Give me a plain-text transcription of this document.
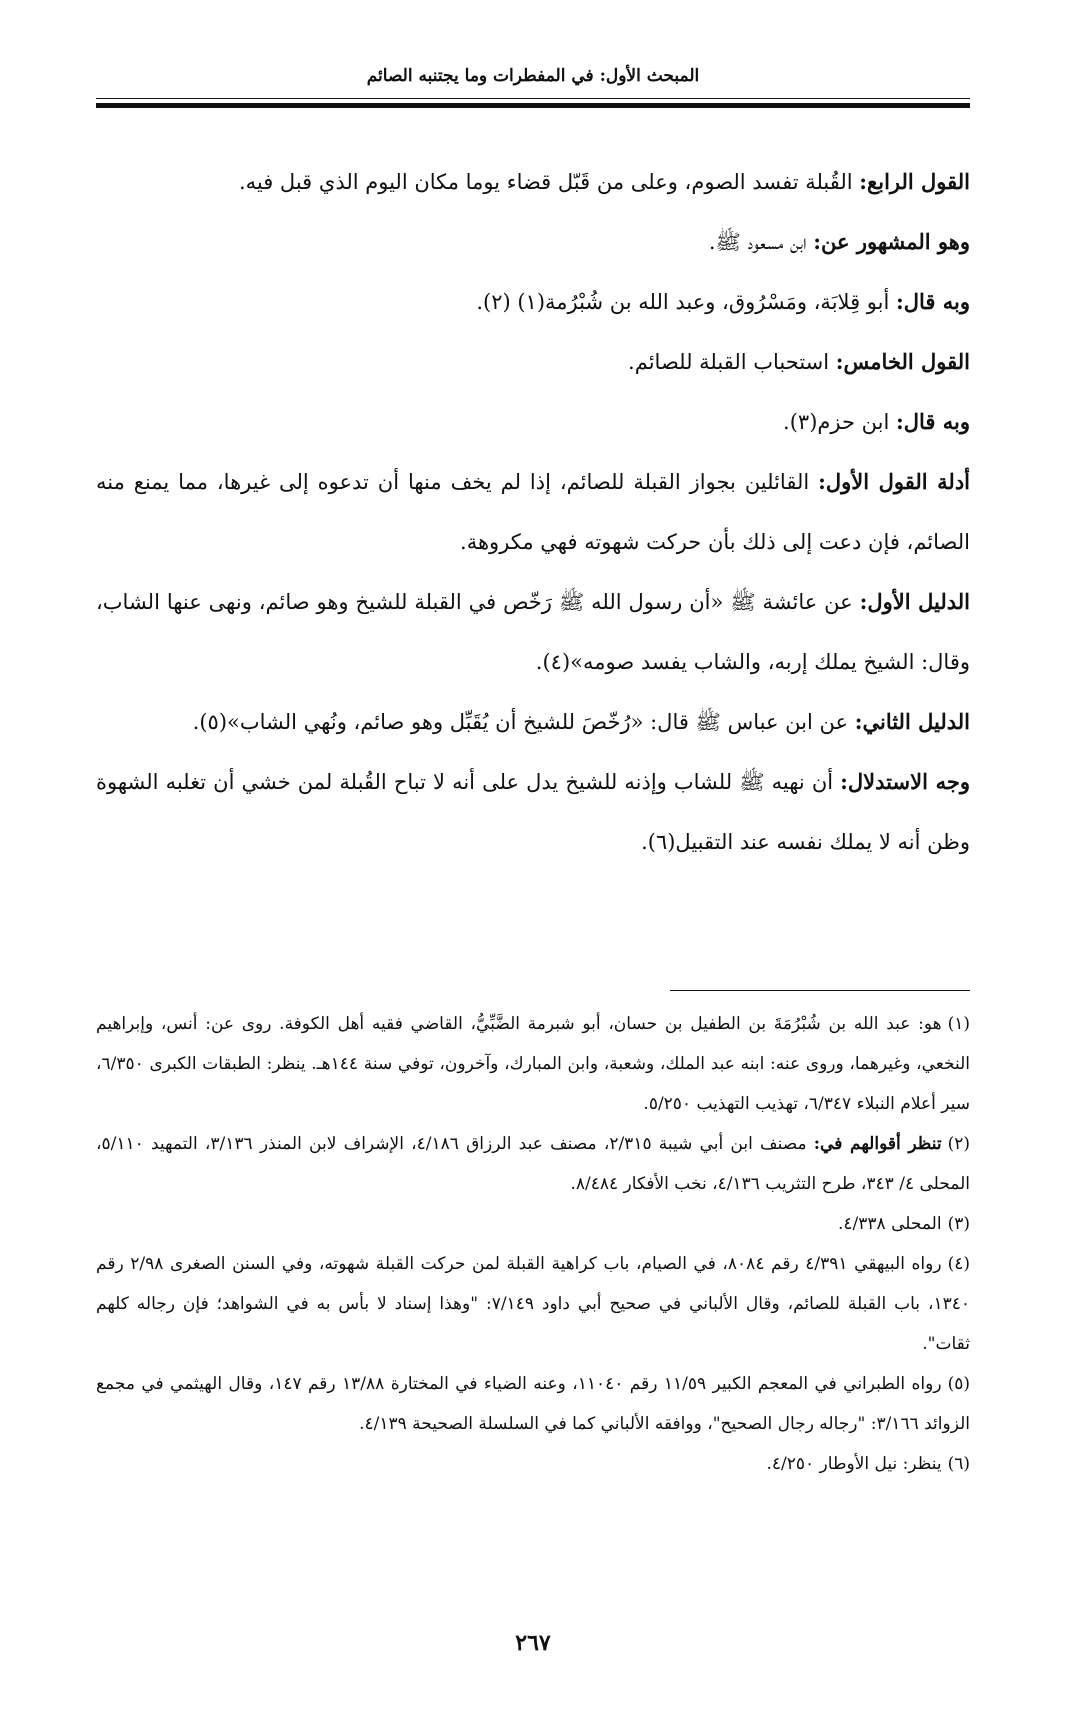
المبحث الأول: في المفطرات وما يجتنبه الصائم

القول الرابع: القُبلة تفسد الصوم، وعلى من قَبّل قضاء يوما مكان اليوم الذي قبل فيه.

وهو المشهور عن: ابن مسعود ﷺ.

وبه قال: أبو قِلابَة، ومَسْرُوق، وعبد الله بن شُبْرُمة(١) (٢).

القول الخامس: استحباب القبلة للصائم.

وبه قال: ابن حزم(٣).

أدلة القول الأول: القائلين بجواز القبلة للصائم، إذا لم يخف منها أن تدعوه إلى غيرها، مما يمنع منه الصائم، فإن دعت إلى ذلك بأن حركت شهوته فهي مكروهة.

الدليل الأول: عن عائشة ﷺ «أن رسول الله ﷺ رَخّص في القبلة للشيخ وهو صائم، ونهى عنها الشاب، وقال: الشيخ يملك إربه، والشاب يفسد صومه»(٤).

الدليل الثاني: عن ابن عباس ﷺ قال: «رُخّصَ للشيخ أن يُقَبِّل وهو صائم، ونُهي الشاب»(٥).

وجه الاستدلال: أن نهيه ﷺ للشاب وإذنه للشيخ يدل على أنه لا تباح القُبلة لمن خشي أن تغلبه الشهوة وظن أنه لا يملك نفسه عند التقبيل(٦).

(١)هو: عبد الله بن شُبْرُمَةَ بن الطفيل بن حسان، أبو شبرمة الضَّبِّيُّ، القاضي فقيه أهل الكوفة. روى عن: أنس، وإبراهيم النخعي، وغيرهما، وروى عنه: ابنه عبد الملك، وشعبة، وابن المبارك، وآخرون، توفي سنة ١٤٤هـ. ينظر: الطبقات الكبرى ٦/٣٥٠، سير أعلام النبلاء ٦/٣٤٧، تهذيب التهذيب ٥/٢٥٠.

(٢)تنظر أقوالهم في: مصنف ابن أبي شيبة ٢/٣١٥، مصنف عبد الرزاق ٤/١٨٦، الإشراف لابن المنذر ٣/١٣٦، التمهيد ٥/١١٠، المحلى ٤/ ٣٤٣، طرح التثريب ٤/١٣٦، نخب الأفكار ٨/٤٨٤.

(٣)المحلى ٤/٣٣٨.

(٤)رواه البيهقي ٤/٣٩١ رقم ٨٠٨٤، في الصيام، باب كراهية القبلة لمن حركت القبلة شهوته، وفي السنن الصغرى ٢/٩٨ رقم ١٣٤٠، باب القبلة للصائم، وقال الألباني في صحيح أبي داود ٧/١٤٩: "وهذا إسناد لا بأس به في الشواهد؛ فإن رجاله كلهم ثقات".

(٥)رواه الطبراني في المعجم الكبير ١١/٥٩ رقم ١١٠٤٠، وعنه الضياء في المختارة ١٣/٨٨ رقم ١٤٧، وقال الهيثمي في مجمع الزوائد ٣/١٦٦: "رجاله رجال الصحيح"، ووافقه الألباني كما في السلسلة الصحيحة ٤/١٣٩.

(٦)ينظر: نيل الأوطار ٤/٢٥٠.

٢٦٧
